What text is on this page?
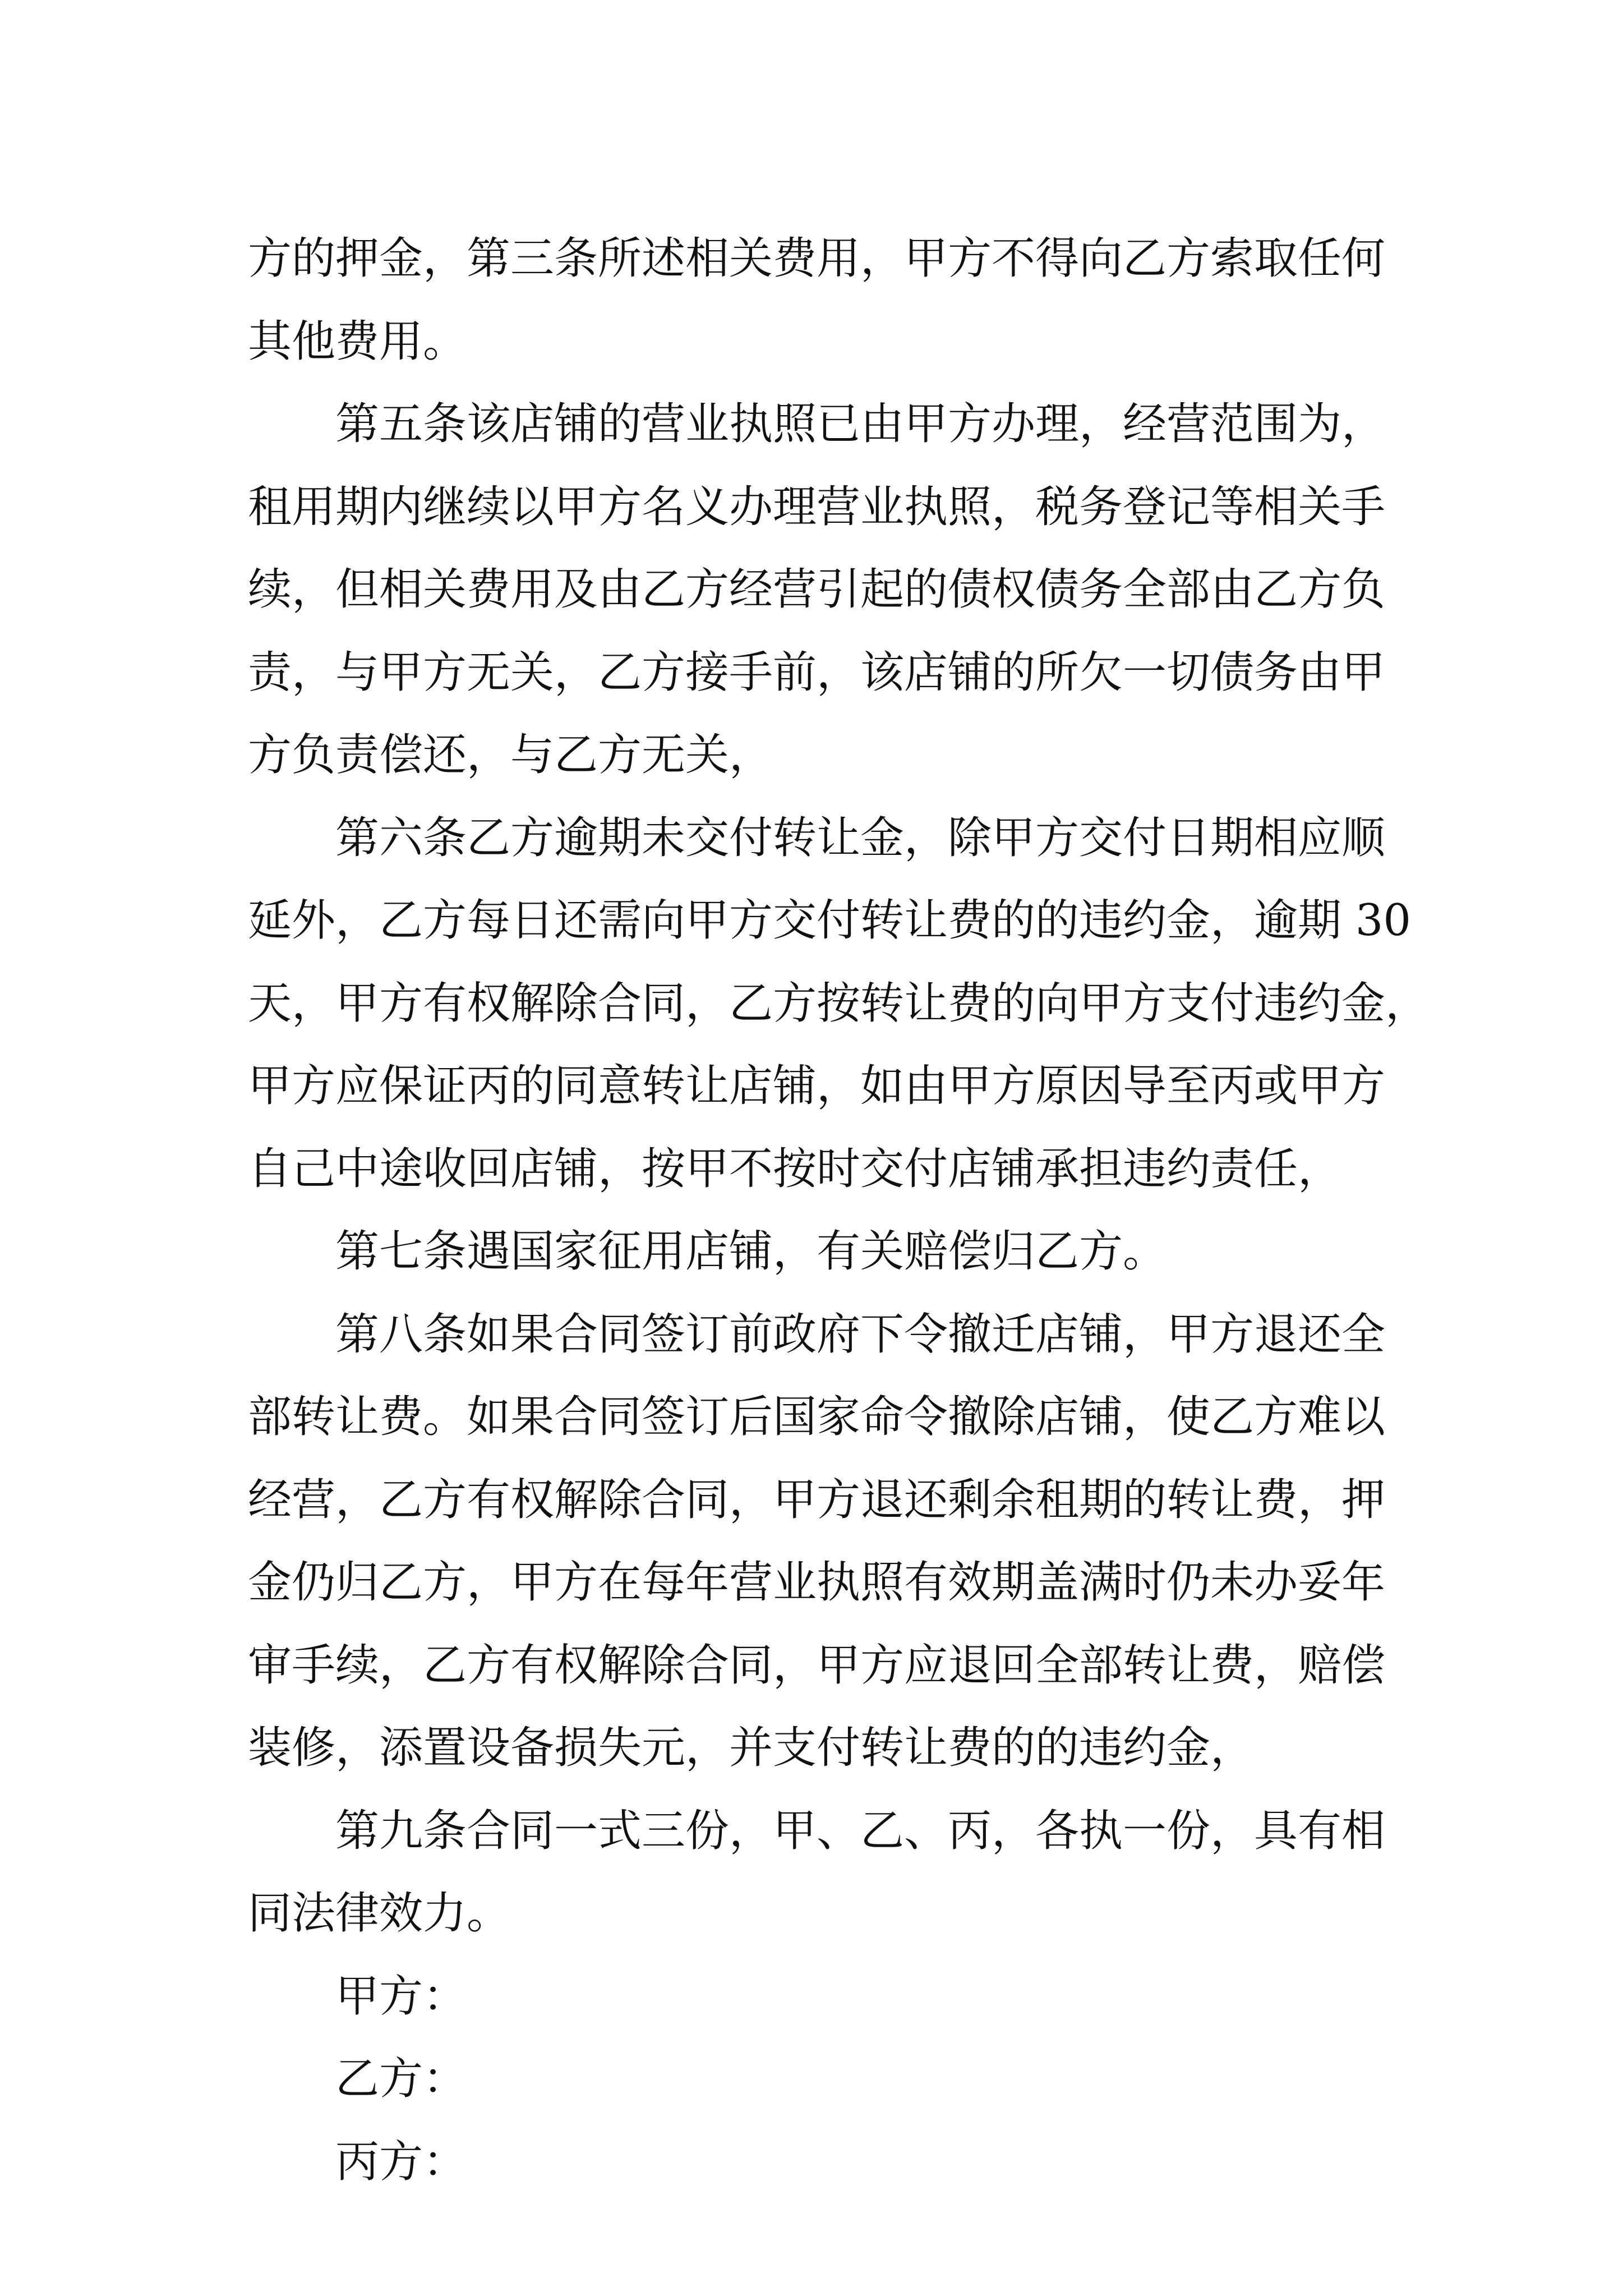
方的押金，第三条所述相关费用，甲方不得向乙方索取任何
其他费用。
第五条该店铺的营业执照已由甲方办理，经营范围为，
租用期内继续以甲方名义办理营业执照，税务登记等相关手
续，但相关费用及由乙方经营引起的债权债务全部由乙方负
责，与甲方无关，乙方接手前，该店铺的所欠一切债务由甲
方负责偿还，与乙方无关，
第六条乙方逾期未交付转让金，除甲方交付日期相应顺
延外，乙方每日还需向甲方交付转让费的的违约金，逾期 30
天，甲方有权解除合同，乙方按转让费的向甲方支付违约金，
甲方应保证丙的同意转让店铺，如由甲方原因导至丙或甲方
自己中途收回店铺，按甲不按时交付店铺承担违约责任，
第七条遇国家征用店铺，有关赔偿归乙方。
第八条如果合同签订前政府下令撤迁店铺，甲方退还全
部转让费。如果合同签订后国家命令撤除店铺，使乙方难以
经营，乙方有权解除合同，甲方退还剩余租期的转让费，押
金仍归乙方，甲方在每年营业执照有效期盖满时仍未办妥年
审手续，乙方有权解除合同，甲方应退回全部转让费，赔偿
装修，添置设备损失元，并支付转让费的的违约金，
第九条合同一式三份，甲、乙、丙，各执一份，具有相
同法律效力。
甲方：
乙方：
丙方：
